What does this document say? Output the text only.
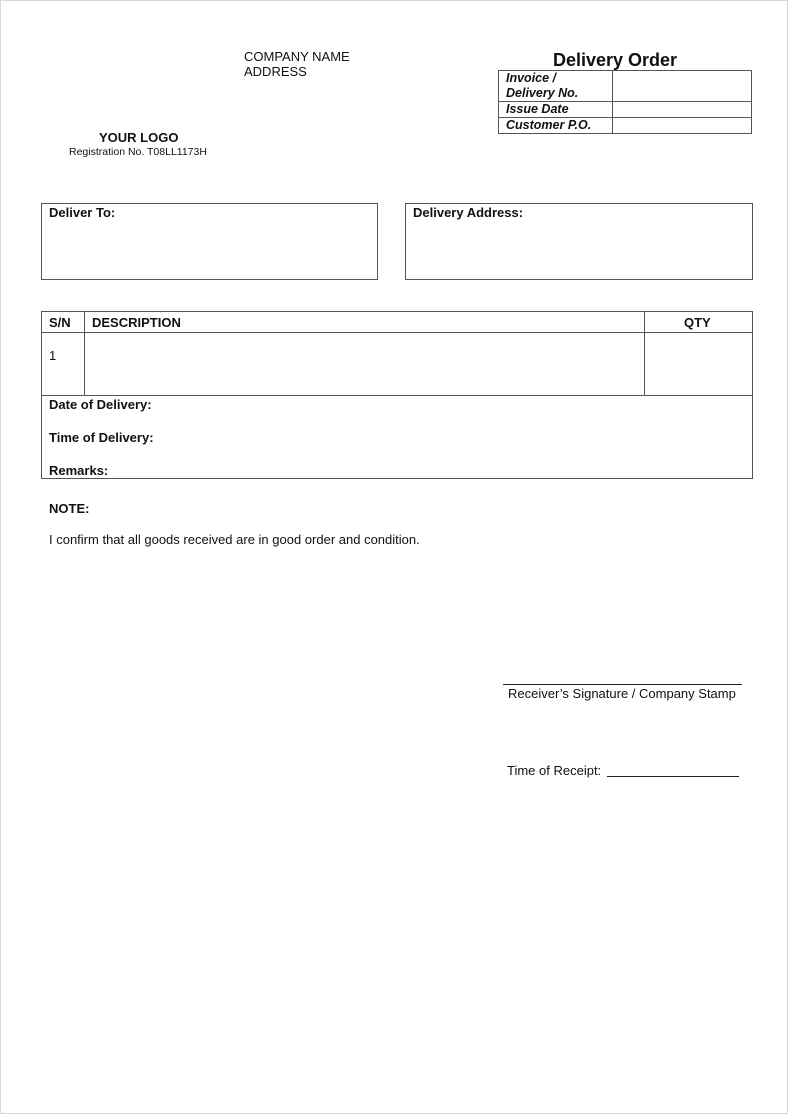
COMPANY NAME
ADDRESS
YOUR LOGO
Registration No. T08LL1173H
Delivery Order
Invoice /
Delivery No.	

Issue Date	
Customer P.O.	
Deliver To:	Delivery Address:
S/N DESCRIPTION	QTY
1
Date of Delivery:
Time of Delivery:
Remarks:
NOTE:
I confirm that all goods received are in good order and condition.
Receiver’s Signature / Company Stamp
Time of Receipt:
